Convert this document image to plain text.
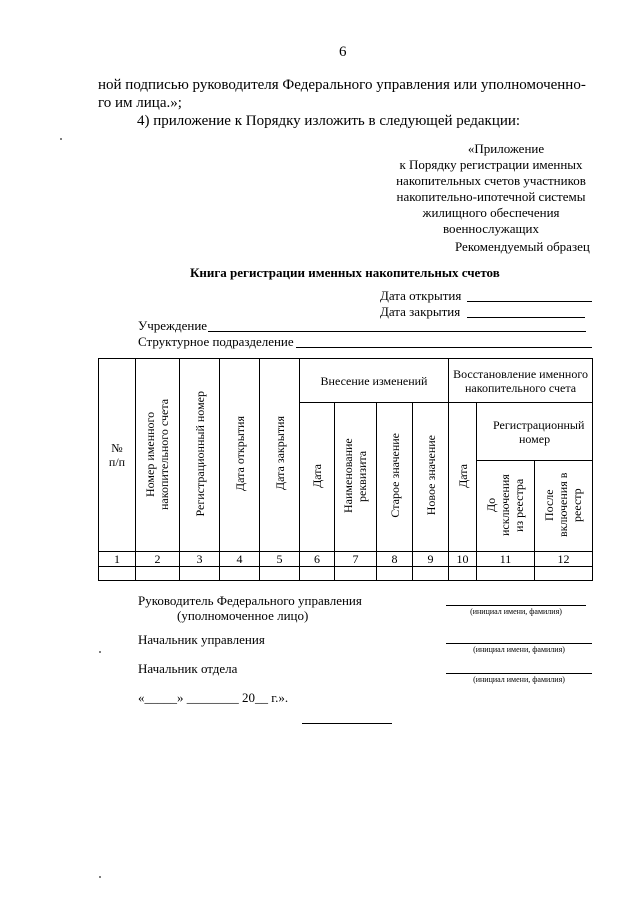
6
ной подписью руководителя Федерального управления или уполномоченно-
го им лица.»;
4) приложение к Порядку изложить в следующей редакции:
«Приложение
к Порядку регистрации именных
накопительных счетов участников
накопительно-ипотечной системы
жилищного обеспечения
военнослужащих
Рекомендуемый образец
Книга регистрации именных накопительных счетов
Дата открытия
Дата закрытия
Учреждение
Структурное подразделение
№ п/п	Номер именного накопительного счета	Регистрационный номер	Дата открытия	Дата закрытия	Внесение изменений				Восстановление именного накопительного счета		

					Дата	Наименование реквизита	Старое значение	Новое значение	Дата	Регистрационный номер	

										До исключения из реестра	После включения в реестр
1	2	3	4	5	6	7	8	9	10	11	12

Руководитель Федерального управления
(уполномоченное лицо)	(инициал имени, фамилия)
Начальник управления
(инициал имени, фамилия)
Начальник отдела
(инициал имени, фамилия)
«_____» ________ 20__ г.».
